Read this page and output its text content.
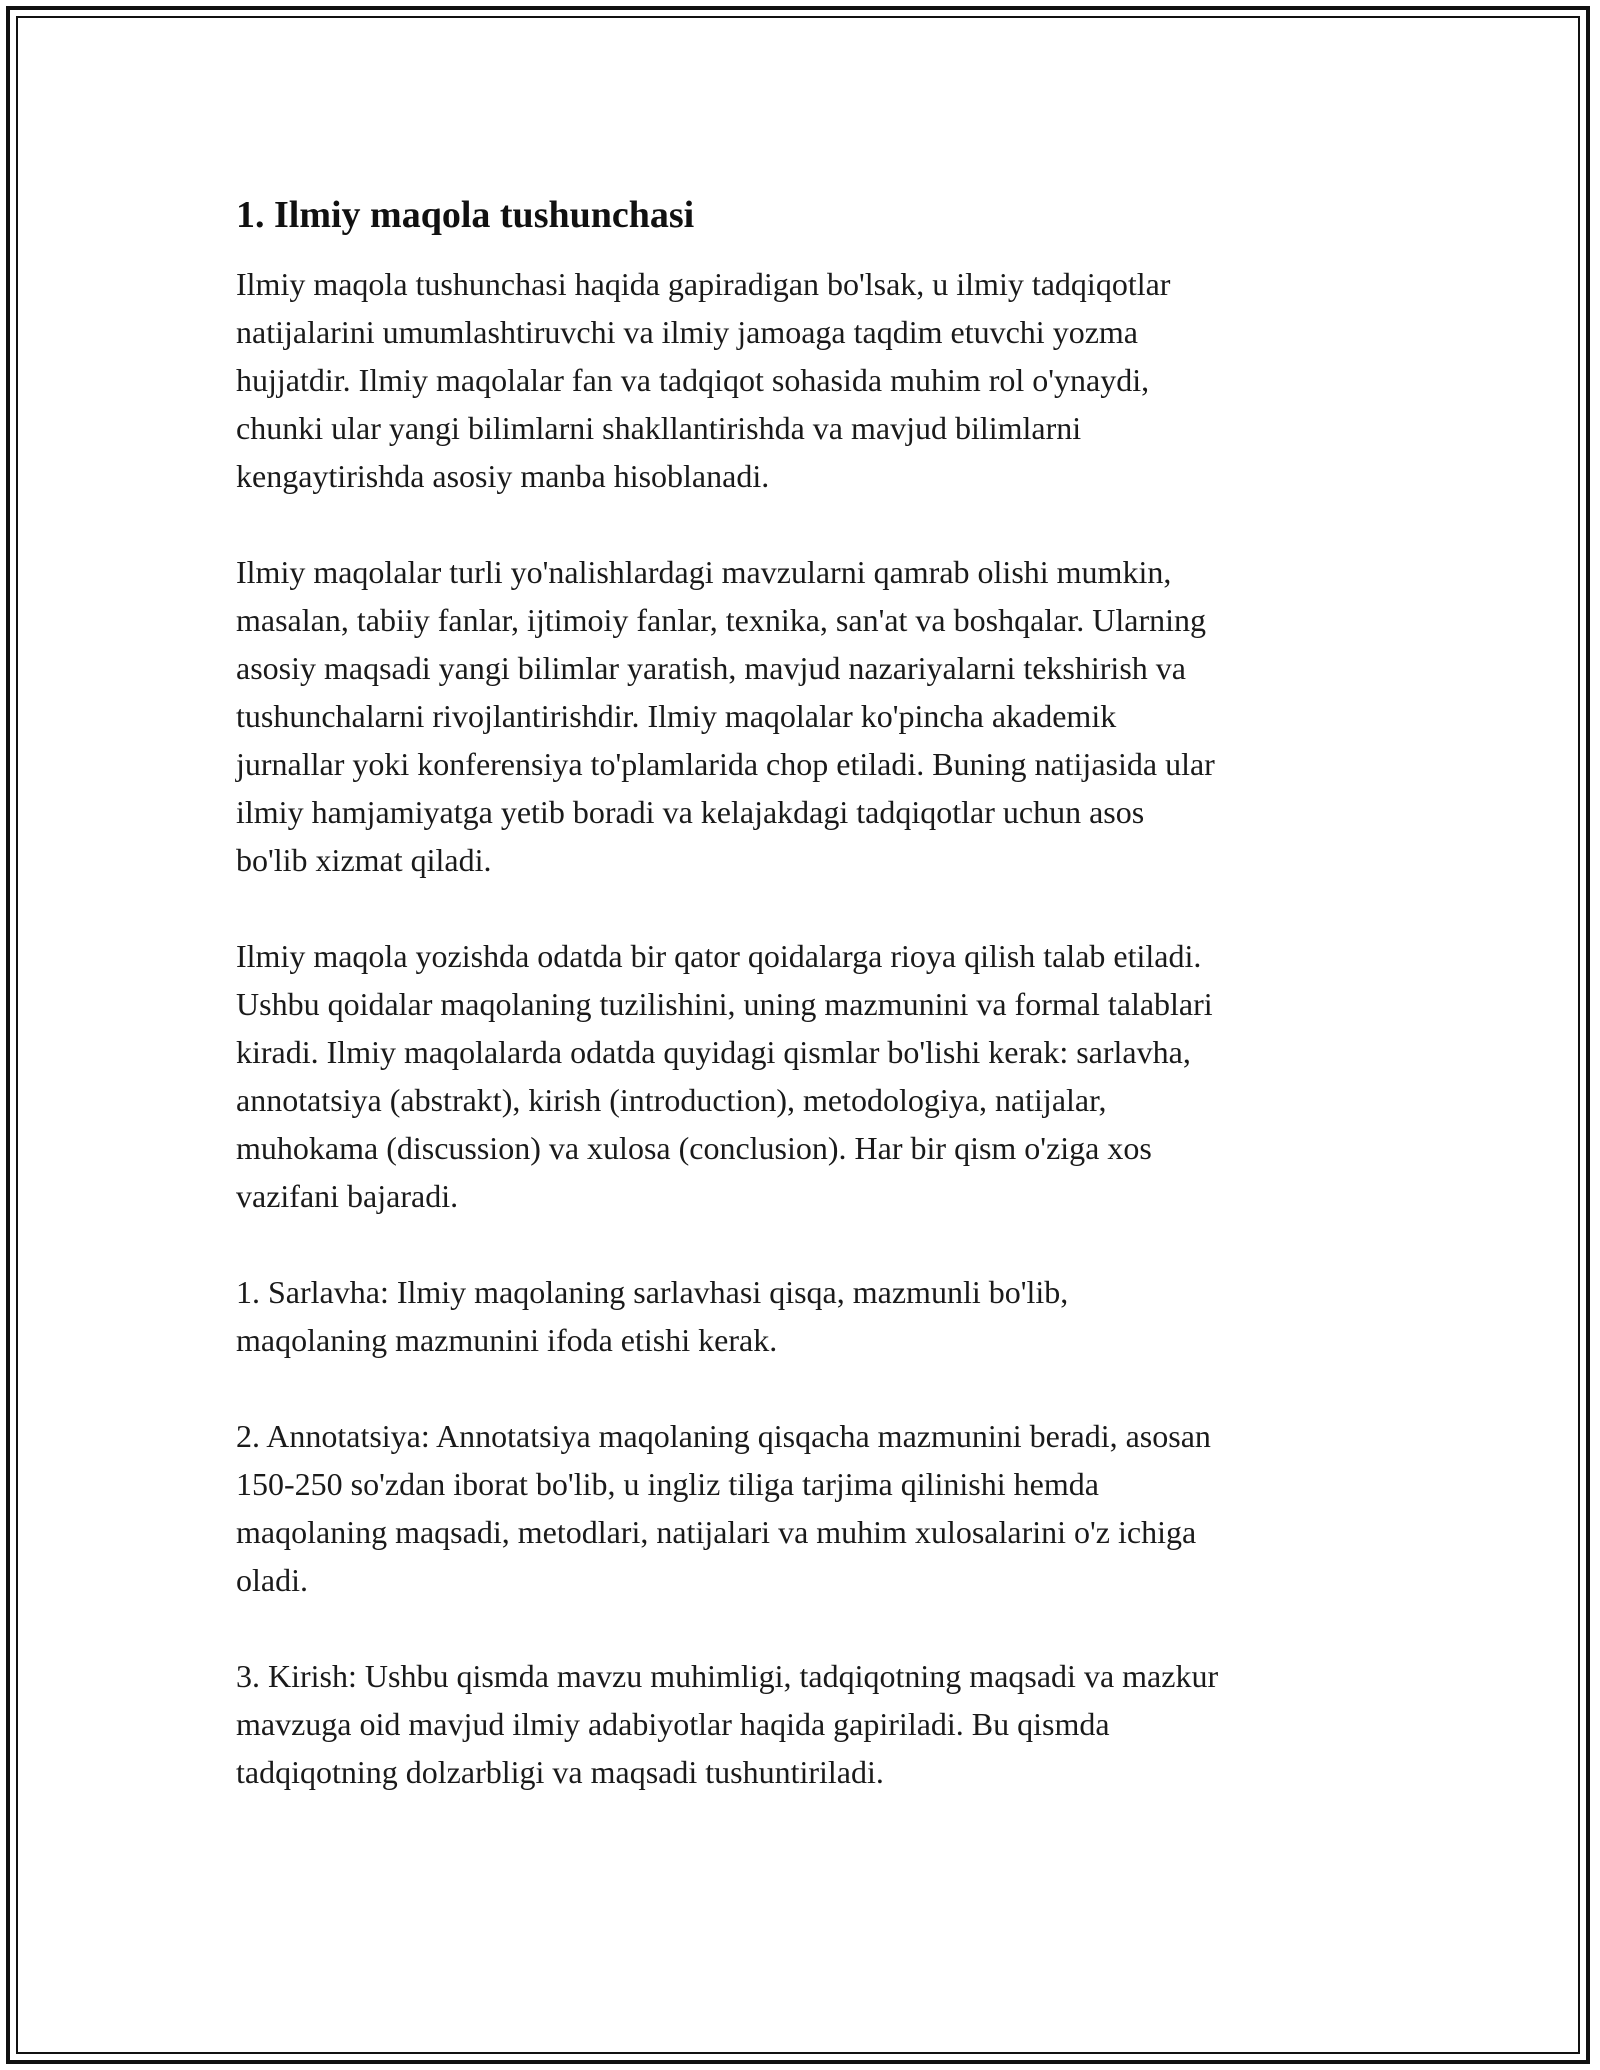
1. Ilmiy maqola tushunchasi

Ilmiy maqola tushunchasi haqida gapiradigan bo'lsak, u ilmiy tadqiqotlar
natijalarini umumlashtiruvchi va ilmiy jamoaga taqdim etuvchi yozma
hujjatdir. Ilmiy maqolalar fan va tadqiqot sohasida muhim rol o'ynaydi,
chunki ular yangi bilimlarni shakllantirishda va mavjud bilimlarni
kengaytirishda asosiy manba hisoblanadi.

Ilmiy maqolalar turli yo'nalishlardagi mavzularni qamrab olishi mumkin,
masalan, tabiiy fanlar, ijtimoiy fanlar, texnika, san'at va boshqalar. Ularning
asosiy maqsadi yangi bilimlar yaratish, mavjud nazariyalarni tekshirish va
tushunchalarni rivojlantirishdir. Ilmiy maqolalar ko'pincha akademik
jurnallar yoki konferensiya to'plamlarida chop etiladi. Buning natijasida ular
ilmiy hamjamiyatga yetib boradi va kelajakdagi tadqiqotlar uchun asos
bo'lib xizmat qiladi.

Ilmiy maqola yozishda odatda bir qator qoidalarga rioya qilish talab etiladi.
Ushbu qoidalar maqolaning tuzilishini, uning mazmunini va formal talablari
kiradi. Ilmiy maqolalarda odatda quyidagi qismlar bo'lishi kerak: sarlavha,
annotatsiya (abstrakt), kirish (introduction), metodologiya, natijalar,
muhokama (discussion) va xulosa (conclusion). Har bir qism o'ziga xos
vazifani bajaradi.

1. Sarlavha: Ilmiy maqolaning sarlavhasi qisqa, mazmunli bo'lib,
maqolaning mazmunini ifoda etishi kerak.

2. Annotatsiya: Annotatsiya maqolaning qisqacha mazmunini beradi, asosan
150-250 so'zdan iborat bo'lib, u ingliz tiliga tarjima qilinishi hemda
maqolaning maqsadi, metodlari, natijalari va muhim xulosalarini o'z ichiga
oladi.

3. Kirish: Ushbu qismda mavzu muhimligi, tadqiqotning maqsadi va mazkur
mavzuga oid mavjud ilmiy adabiyotlar haqida gapiriladi. Bu qismda
tadqiqotning dolzarbligi va maqsadi tushuntiriladi.
